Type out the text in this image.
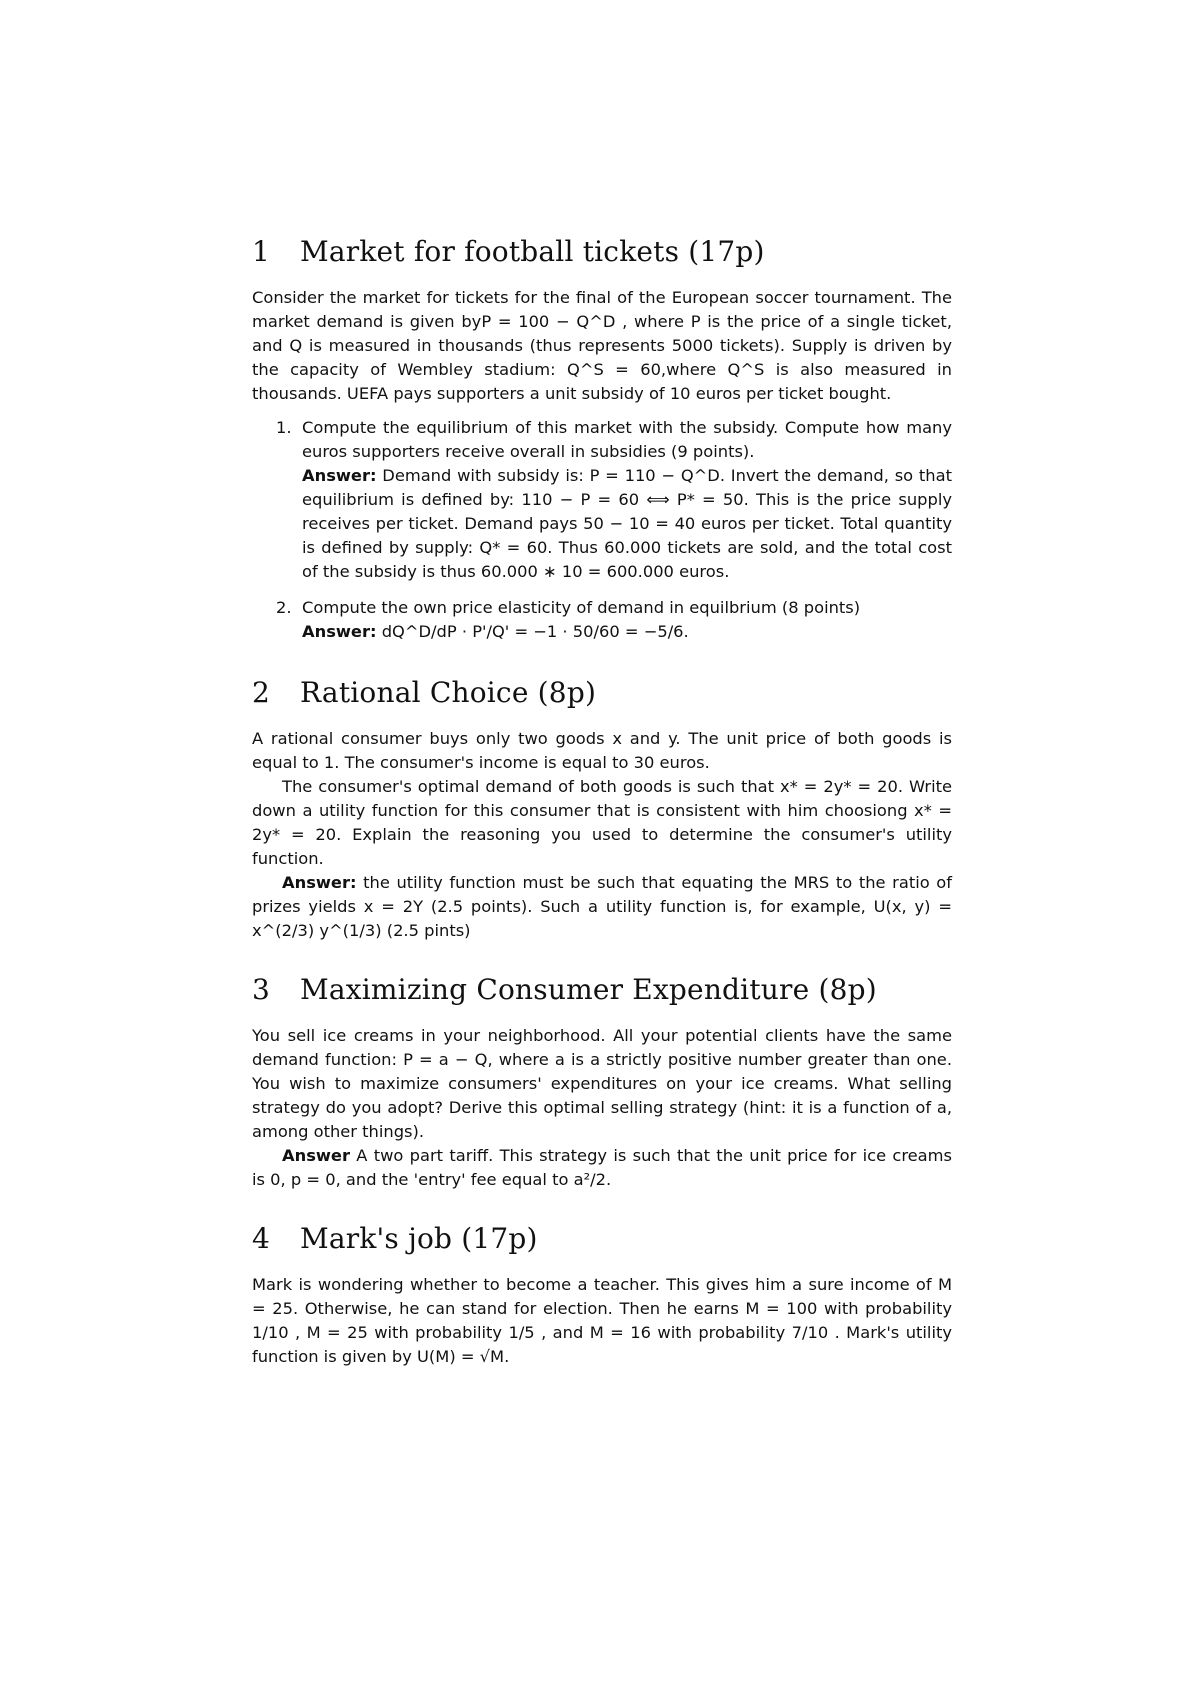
1 Market for football tickets (17p)

Consider the market for tickets for the final of the European soccer tournament. The market demand is given byP = 100 − Q^D , where P is the price of a single ticket, and Q is measured in thousands (thus represents 5000 tickets). Supply is driven by the capacity of Wembley stadium: Q^S = 60,where Q^S is also measured in thousands. UEFA pays supporters a unit subsidy of 10 euros per ticket bought.

1. Compute the equilibrium of this market with the subsidy. Compute how many euros supporters receive overall in subsidies (9 points).

Answer: Demand with subsidy is: P = 110 − Q^D. Invert the demand, so that equilibrium is defined by: 110 − P = 60 ⟺ P* = 50. This is the price supply receives per ticket. Demand pays 50 − 10 = 40 euros per ticket. Total quantity is defined by supply: Q* = 60. Thus 60.000 tickets are sold, and the total cost of the subsidy is thus 60.000 ∗ 10 = 600.000 euros.

2. Compute the own price elasticity of demand in equilbrium (8 points)

Answer: dQ^D/dP · P'/Q' = −1 · 50/60 = −5/6.

2 Rational Choice (8p)

A rational consumer buys only two goods x and y. The unit price of both goods is equal to 1. The consumer's income is equal to 30 euros.

The consumer's optimal demand of both goods is such that x* = 2y* = 20. Write down a utility function for this consumer that is consistent with him choosiong x* = 2y* = 20. Explain the reasoning you used to determine the consumer's utility function.

Answer: the utility function must be such that equating the MRS to the ratio of prizes yields x = 2Y (2.5 points). Such a utility function is, for example, U(x, y) = x^(2/3) y^(1/3) (2.5 pints)

3 Maximizing Consumer Expenditure (8p)

You sell ice creams in your neighborhood. All your potential clients have the same demand function: P = a − Q, where a is a strictly positive number greater than one. You wish to maximize consumers' expenditures on your ice creams. What selling strategy do you adopt? Derive this optimal selling strategy (hint: it is a function of a, among other things).

Answer A two part tariff. This strategy is such that the unit price for ice creams is 0, p = 0, and the 'entry' fee equal to a²/2.

4 Mark's job (17p)

Mark is wondering whether to become a teacher. This gives him a sure income of M = 25. Otherwise, he can stand for election. Then he earns M = 100 with probability 1/10 , M = 25 with probability 1/5 , and M = 16 with probability 7/10 . Mark's utility function is given by U(M) = √M.
